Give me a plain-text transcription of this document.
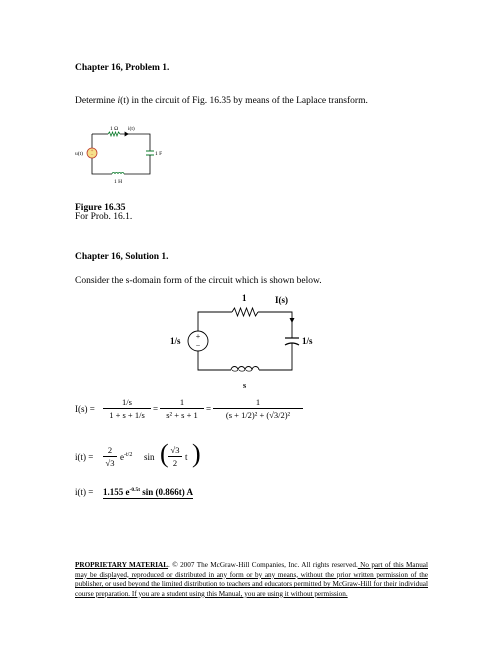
Chapter 16, Problem 1.
Determine i(t) in the circuit of Fig. 16.35 by means of the Laplace transform.
+
−
1 Ω i(t)
u(t)	1 F
1 H
Figure 16.35
For Prob. 16.1.
Chapter 16, Solution 1.
Consider the s-domain form of the circuit which is shown below.
+
−
1	I(s)
1/s	1/s
s
$I(s) = \frac{1/s}{1 + s + 1/s} = \frac{1}{\text{s² + s + 1}} = \frac{1}{\text{(s + 1/2)² + (√3/2)²}}$
$i(t) = \frac{2}{√3} e^{-t/2}$ sin ( $\frac{√3}{2}$ t )
i(t) = 1.155 $e^{-0.5t}$ sin (0.866t) A
PROPRIETARY MATERIAL. © 2007 The McGraw-Hill Companies, Inc. All rights reserved. No part of this Manual may be displayed, reproduced or distributed in any form or by any means, without the prior written permission of the publisher, or used beyond the limited distribution to teachers and educators permitted by McGraw-Hill for their individual course preparation. If you are a student using this Manual, you are using it without permission.
